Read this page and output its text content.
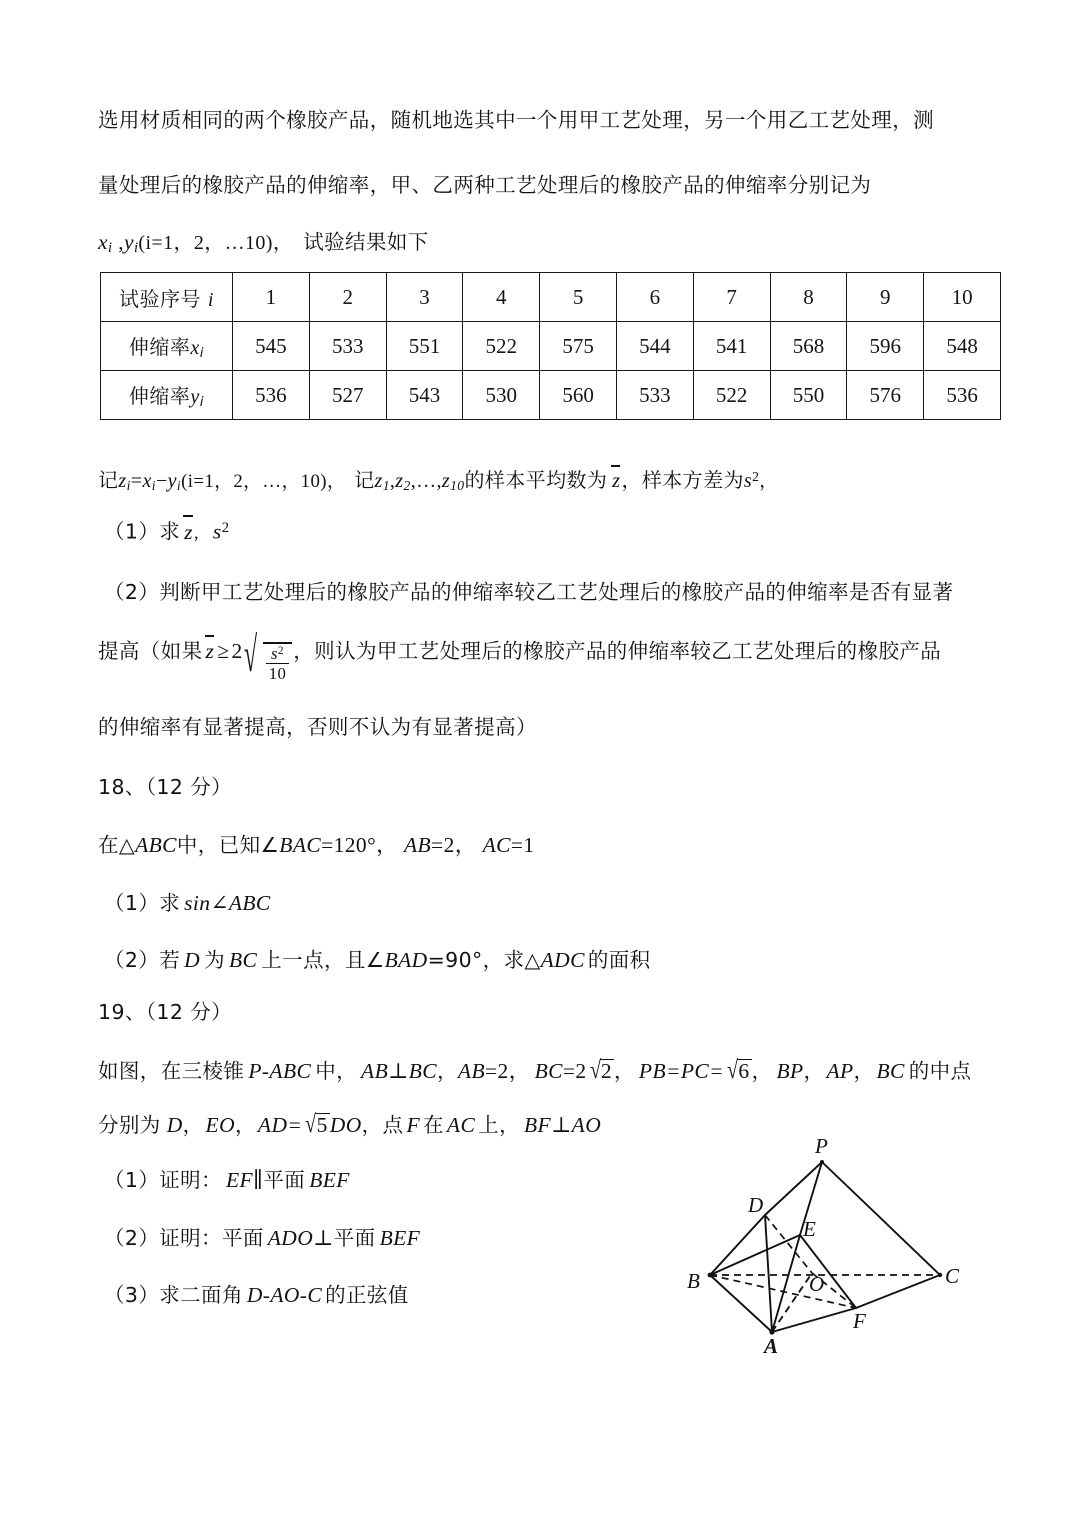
选用材质相同的两个橡胶产品，随机地选其中一个用甲工艺处理，另一个用乙工艺处理，测
量处理后的橡胶产品的伸缩率，甲、乙两种工艺处理后的橡胶产品的伸缩率分别记为
$x_i$ $,y_i(i=1$，2，…10)， 试验结果如下
试验序号 i	1	2	3	4	5	6	7	8	9	10
伸缩率$x_i$	545	533	551	522	575	544	541	568	596	548
伸缩率$y_i$	536	527	543	530	560	533	522	550	576	536
记$z_i=x_i-y_i(i=1$，2，…，10)， 记$z_1,z_2,\dots,z_{10}$的样本平均数为 z，样本方差为$s^2$，
（1）求 z, $s^2$
（2）判断甲工艺处理后的橡胶产品的伸缩率较乙工艺处理后的橡胶产品的伸缩率是否有显著
提高（如果 $z \ge 2√ \frac{s^2}{10}$ ，则认为甲工艺处理后的橡胶产品的伸缩率较乙工艺处理后的橡胶产品
的伸缩率有显著提高，否则不认为有显著提高）
18、（12 分）
在△ABC中，已知∠BAC=120°， AB=2， AC=1
（1）求 sin∠ABC
（2）若 D 为 BC 上一点，且∠BAD=90°，求△ADC 的面积
19、（12 分）
如图，在三棱锥 P-ABC 中， AB⊥BC，AB=2， BC=2 √2， PB=PC= √6， BP，AP，BC 的中点
分别为 D，EO，AD= √5DO，点 F 在 AC 上， BF⊥AO
（1）证明： EF∥平面 BEF
（2）证明：平面 ADO⊥平面 BEF
（3）求二面角 D-AO-C 的正弦值
P
D
E
B	O	C
F
A
